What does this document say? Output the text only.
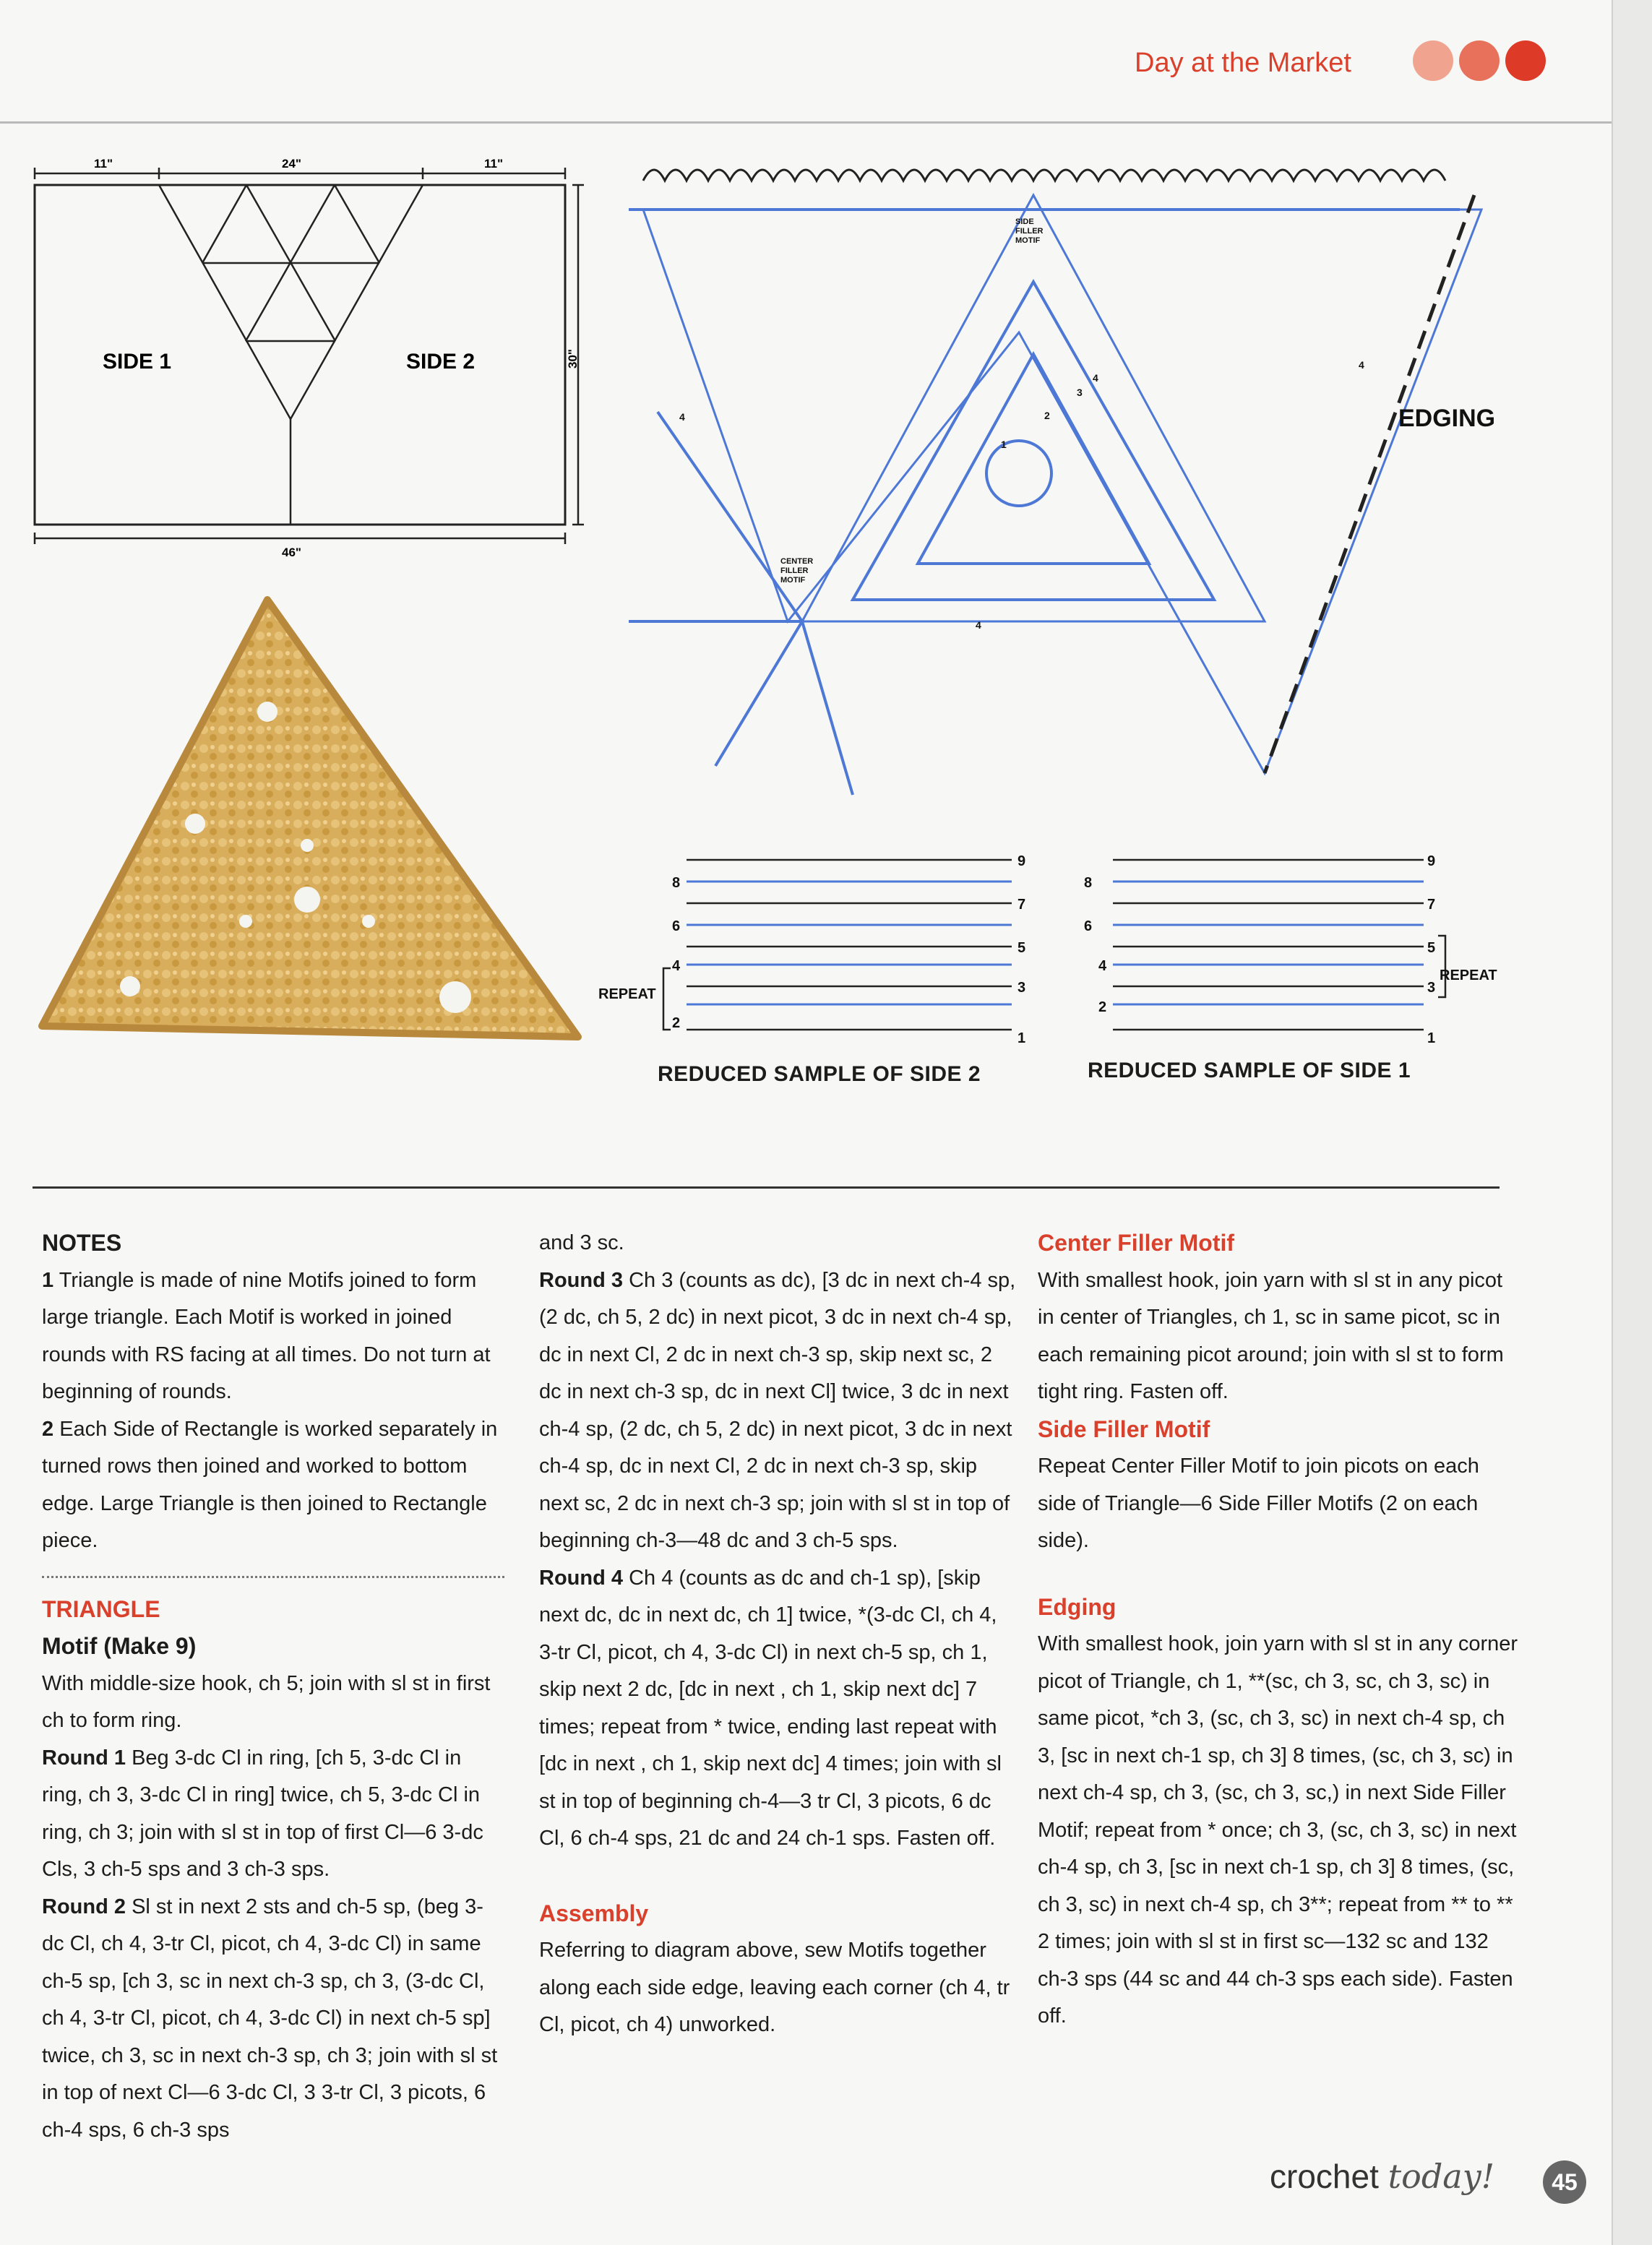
Day at the Market
11"	24"	11"
30"
46"
SIDE 1	SIDE 2
EDGING
SIDE
FILLER
MOTIF
CENTER
FILLER
MOTIF
1
2
3
4
4
4
4
REPEAT
8
6
4
2
9
7
5
3
1
REDUCED SAMPLE OF SIDE 2
REPEAT
8
6
4
2
9
7
5
3
1
REDUCED SAMPLE OF SIDE 1

NOTES

1 Triangle is made of nine Motifs joined to form large triangle. Each Motif is worked in joined rounds with RS facing at all times. Do not turn at beginning of rounds.

2 Each Side of Rectangle is worked separately in turned rows then joined and worked to bottom edge. Large Triangle is then joined to Rectangle piece.

TRIANGLE

Motif (Make 9)

With middle-size hook, ch 5; join with sl st in first ch to form ring.

Round 1 Beg 3-dc Cl in ring, [ch 5, 3-dc Cl in ring, ch 3, 3-dc Cl in ring] twice, ch 5, 3-dc Cl in ring, ch 3; join with sl st in top of first Cl—6 3-dc Cls, 3 ch-5 sps and 3 ch-3 sps.

Round 2 Sl st in next 2 sts and ch-5 sp, (beg 3-dc Cl, ch 4, 3-tr Cl, picot, ch 4, 3-dc Cl) in same ch-5 sp, [ch 3, sc in next ch-3 sp, ch 3, (3-dc Cl, ch 4, 3-tr Cl, picot, ch 4, 3-dc Cl) in next ch-5 sp] twice, ch 3, sc in next ch-3 sp, ch 3; join with sl st in top of next Cl—6 3-dc Cl, 3 3-tr Cl, 3 picots, 6 ch-4 sps, 6 ch-3 sps

and 3 sc.

Round 3 Ch 3 (counts as dc), [3 dc in next ch-4 sp, (2 dc, ch 5, 2 dc) in next picot, 3 dc in next ch-4 sp, dc in next Cl, 2 dc in next ch-3 sp, skip next sc, 2 dc in next ch-3 sp, dc in next Cl] twice, 3 dc in next ch-4 sp, (2 dc, ch 5, 2 dc) in next picot, 3 dc in next ch-4 sp, dc in next Cl, 2 dc in next ch-3 sp, skip next sc, 2 dc in next ch-3 sp; join with sl st in top of beginning ch-3—48 dc and 3 ch-5 sps.

Round 4 Ch 4 (counts as dc and ch-1 sp), [skip next dc, dc in next dc, ch 1] twice, *(3-dc Cl, ch 4, 3-tr Cl, picot, ch 4, 3-dc Cl) in next ch-5 sp, ch 1, skip next 2 dc, [dc in next , ch 1, skip next dc] 7 times; repeat from * twice, ending last repeat with [dc in next , ch 1, skip next dc] 4 times; join with sl st in top of beginning ch-4—3 tr Cl, 3 picots, 6 dc Cl, 6 ch-4 sps, 21 dc and 24 ch-1 sps. Fasten off.

Assembly

Referring to diagram above, sew Motifs together along each side edge, leaving each corner (ch 4, tr Cl, picot, ch 4) unworked.

Center Filler Motif

With smallest hook, join yarn with sl st in any picot in center of Triangles, ch 1, sc in same picot, sc in each remaining picot around; join with sl st to form tight ring. Fasten off.

Side Filler Motif

Repeat Center Filler Motif to join picots on each side of Triangle—6 Side Filler Motifs (2 on each side).

Edging

With smallest hook, join yarn with sl st in any corner picot of Triangle, ch 1, **(sc, ch 3, sc, ch 3, sc) in same picot, *ch 3, (sc, ch 3, sc) in next ch-4 sp, ch 3, [sc in next ch-1 sp, ch 3] 8 times, (sc, ch 3, sc) in next ch-4 sp, ch 3, (sc, ch 3, sc,) in next Side Filler Motif; repeat from * once; ch 3, (sc, ch 3, sc) in next ch-4 sp, ch 3, [sc in next ch-1 sp, ch 3] 8 times, (sc, ch 3, sc) in next ch-4 sp, ch 3**; repeat from ** to ** 2 times; join with sl st in first sc—132 sc and 132 ch-3 sps (44 sc and 44 ch-3 sps each side). Fasten off.

crochet today!	45
